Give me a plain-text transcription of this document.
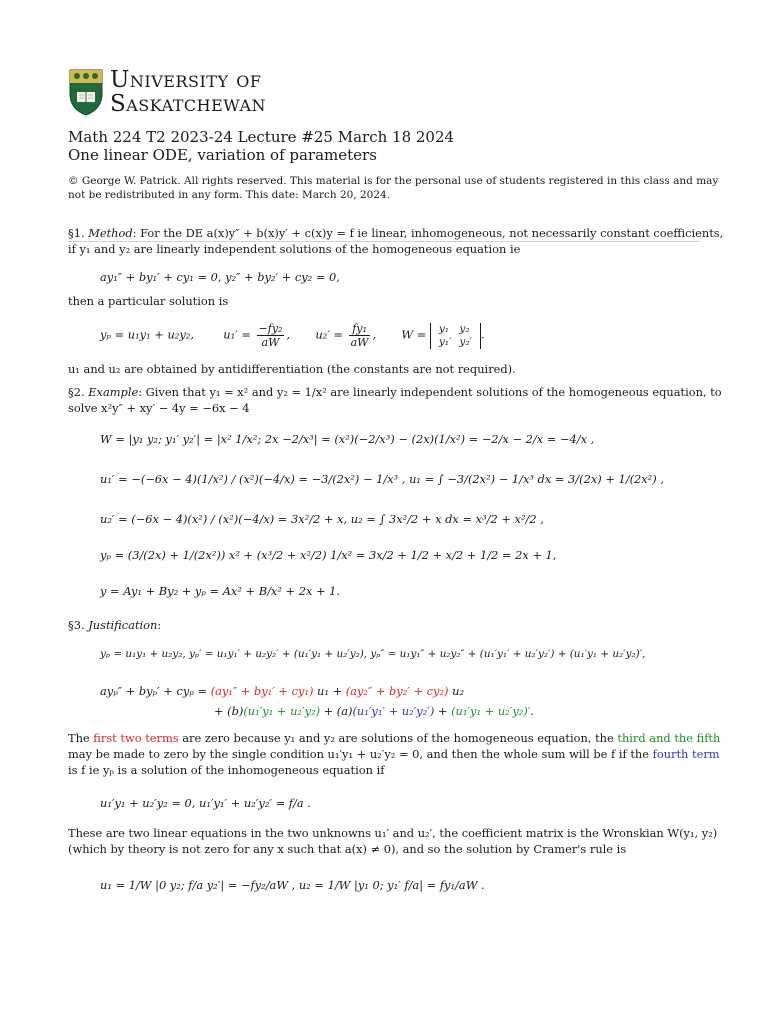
University of
Saskatchewan
Math 224 T2 2023-24 Lecture #25 March 18 2024
One linear ODE, variation of parameters
© George W. Patrick. All rights reserved. This material is for the personal use of students registered in this class and may
not be redistributed in any form. This date: March 20, 2024.
§1. Method: For the DE a(x)y″ + b(x)y′ + c(x)y = f ie linear, inhomogeneous, not necessarily constant coefficients,
if y₁ and y₂ are linearly independent solutions of the homogeneous equation ie
ay₁″ + by₁′ + cy₁ = 0, y₂″ + by₂′ + cy₂ = 0,
then a particular solution is
yₚ = u₁y₁ + u₂y₂,	$u_1' = \frac{\text{−fy₂}}{aW}$ ,  $u_2' = \frac{\text{fy₁}}{aW}$ ,  W = y₁	y₂
y₁′	y₂′ .
u₁ and u₂ are obtained by antidifferentiation (the constants are not required).
§2. Example: Given that y₁ = x² and y₂ = 1/x² are linearly independent solutions of the homogeneous equation, to
solve x²y″ + xy′ − 4y = −6x − 4
W = |y₁ y₂; y₁′ y₂′| = |x² 1/x²; 2x −2/x³| = (x²)(−2/x³) − (2x)(1/x²) = −2/x − 2/x = −4/x ,
u₁′ = −(−6x − 4)(1/x²) / (x²)(−4/x) = −3/(2x²) − 1/x³ , u₁ = ∫ −3/(2x²) − 1/x³ dx = 3/(2x) + 1/(2x²) ,
u₂′ = (−6x − 4)(x²) / (x²)(−4/x) = 3x²/2 + x, u₂ = ∫ 3x²/2 + x dx = x³/2 + x²/2 ,
yₚ = (3/(2x) + 1/(2x²)) x² + (x³/2 + x²/2) 1/x² = 3x/2 + 1/2 + x/2 + 1/2 = 2x + 1,
y = Ay₁ + By₂ + yₚ = Ax² + B/x² + 2x + 1.
§3. Justification:
yₚ = u₁y₁ + u₂y₂, yₚ′ = u₁y₁′ + u₂y₂′ + (u₁′y₁ + u₂′y₂), yₚ″ = u₁y₁″ + u₂y₂″ + (u₁′y₁′ + u₂′y₂′) + (u₁′y₁ + u₂′y₂)′,
ayₚ″ + byₚ′ + cyₚ = (ay₁″ + by₁′ + cy₁) u₁ + (ay₂″ + by₂′ + cy₂) u₂
+ (b)(u₁′y₁ + u₂′y₂) + (a)(u₁′y₁′ + u₂′y₂′) + (u₁′y₁ + u₂′y₂)′.
The first two terms are zero because y₁ and y₂ are solutions of the homogeneous equation, the third and the fifth
may be made to zero by the single condition u₁′y₁ + u₂′y₂ = 0, and then the whole sum will be f if the fourth term
is f ie yₚ is a solution of the inhomogeneous equation if
u₁′y₁ + u₂′y₂ = 0, u₁′y₁′ + u₂′y₂′ = f/a .
These are two linear equations in the two unknowns u₁′ and u₂′, the coefficient matrix is the Wronskian W(y₁, y₂)
(which by theory is not zero for any x such that a(x) ≠ 0), and so the solution by Cramer's rule is
u₁ = 1/W |0 y₂; f/a y₂′| = −fy₂/aW , u₂ = 1/W |y₁ 0; y₁′ f/a| = fy₁/aW .
